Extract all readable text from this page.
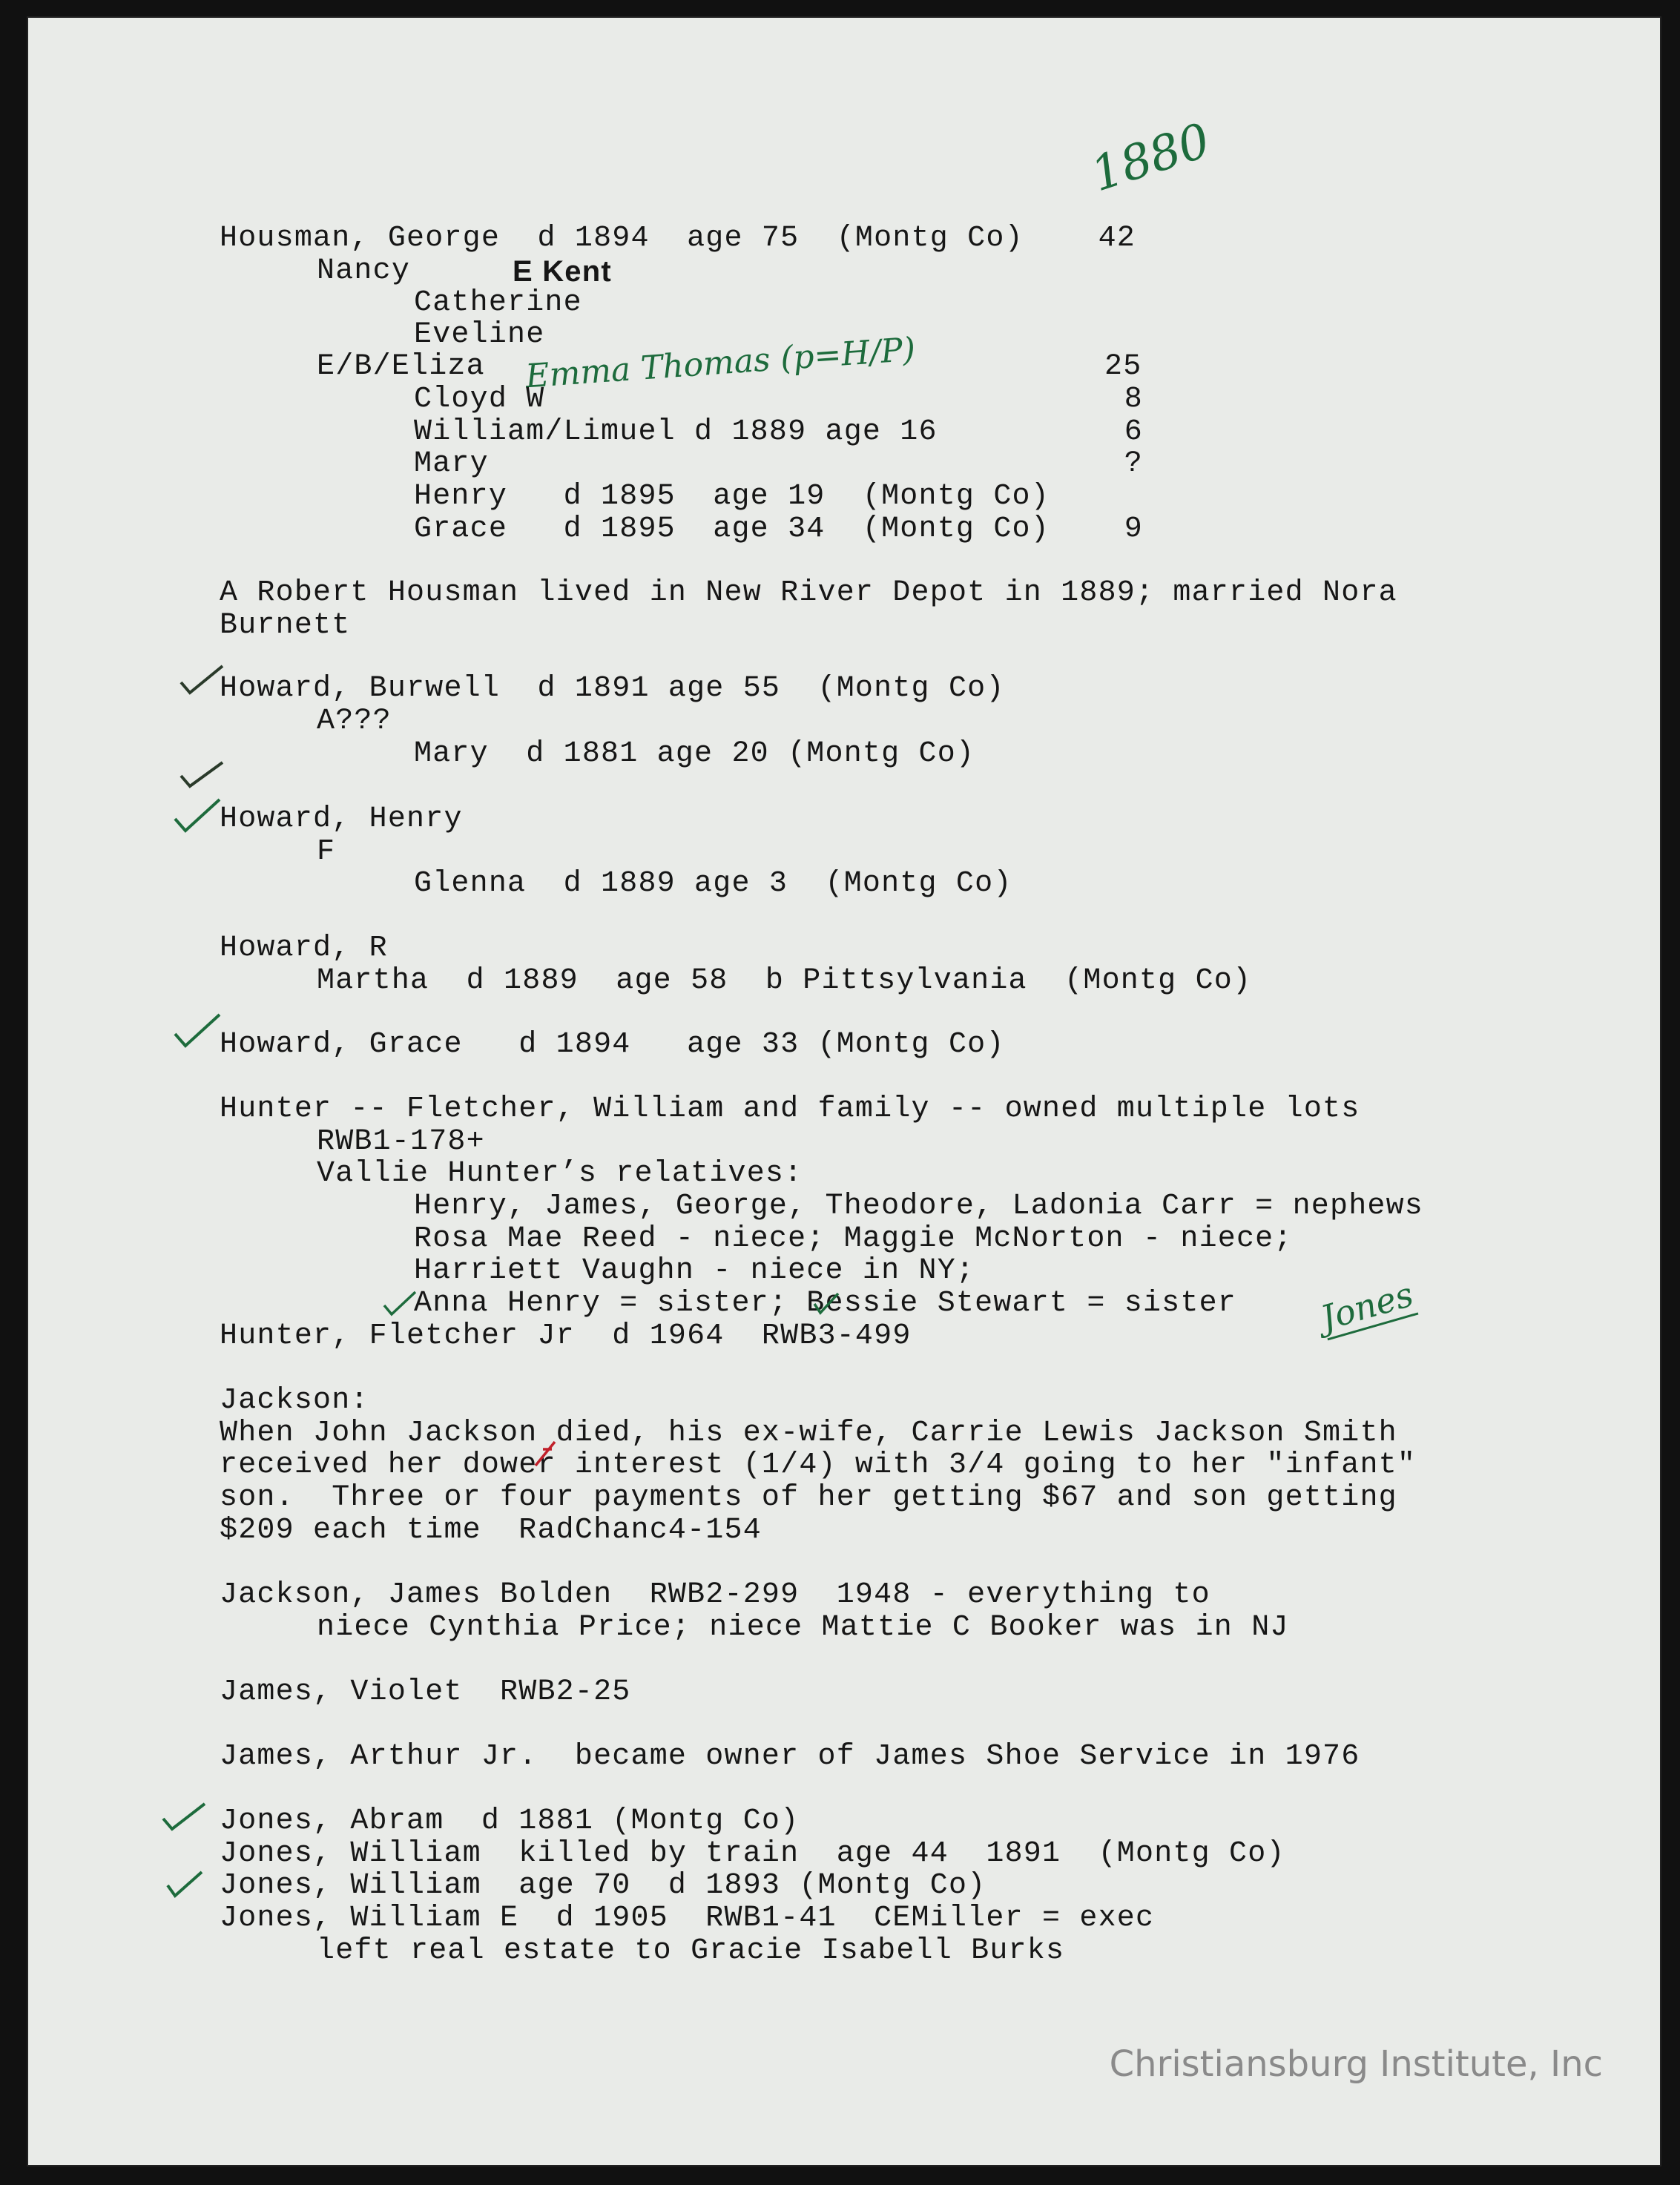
1880
Housman, George  d 1894  age 75  (Montg Co)    42
Nancy	E Kent
Catherine
Eveline
E/B/Eliza Emma Thomas (p=H/P)	25
Cloyd W                               8
William/Limuel d 1889 age 16          6
Mary                                  ?
Henry   d 1895  age 19  (Montg Co)
Grace   d 1895  age 34  (Montg Co)    9
A Robert Housman lived in New River Depot in 1889; married Nora
Burnett
Howard, Burwell  d 1891 age 55  (Montg Co)
A???
Mary  d 1881 age 20 (Montg Co)
Howard, Henry
F
Glenna  d 1889 age 3  (Montg Co)
Howard, R
Martha  d 1889  age 58  b Pittsylvania  (Montg Co)
Howard, Grace   d 1894   age 33 (Montg Co)
Hunter -- Fletcher, William and family -- owned multiple lots
RWB1-178+
Vallie Hunter’s relatives:
Henry, James, George, Theodore, Ladonia Carr = nephews
Rosa Mae Reed - niece; Maggie McNorton - niece;
Harriett Vaughn - niece in NY;
Anna Henry = sister; Bessie Stewart = sister Jones
Hunter, Fletcher Jr  d 1964  RWB3-499
Jackson:
When John Jackson died, his ex-wife, Carrie Lewis Jackson Smith
received her dower interest (1/4) with 3/4 going to her "infant"
son.  Three or four payments of her getting $67 and son getting
$209 each time  RadChanc4-154
Jackson, James Bolden  RWB2-299  1948 - everything to
niece Cynthia Price; niece Mattie C Booker was in NJ
James, Violet  RWB2-25
James, Arthur Jr.  became owner of James Shoe Service in 1976
Jones, Abram  d 1881 (Montg Co)
Jones, William  killed by train  age 44  1891  (Montg Co)
Jones, William  age 70  d 1893 (Montg Co)
Jones, William E  d 1905  RWB1-41  CEMiller = exec
left real estate to Gracie Isabell Burks
Christiansburg Institute, Inc
